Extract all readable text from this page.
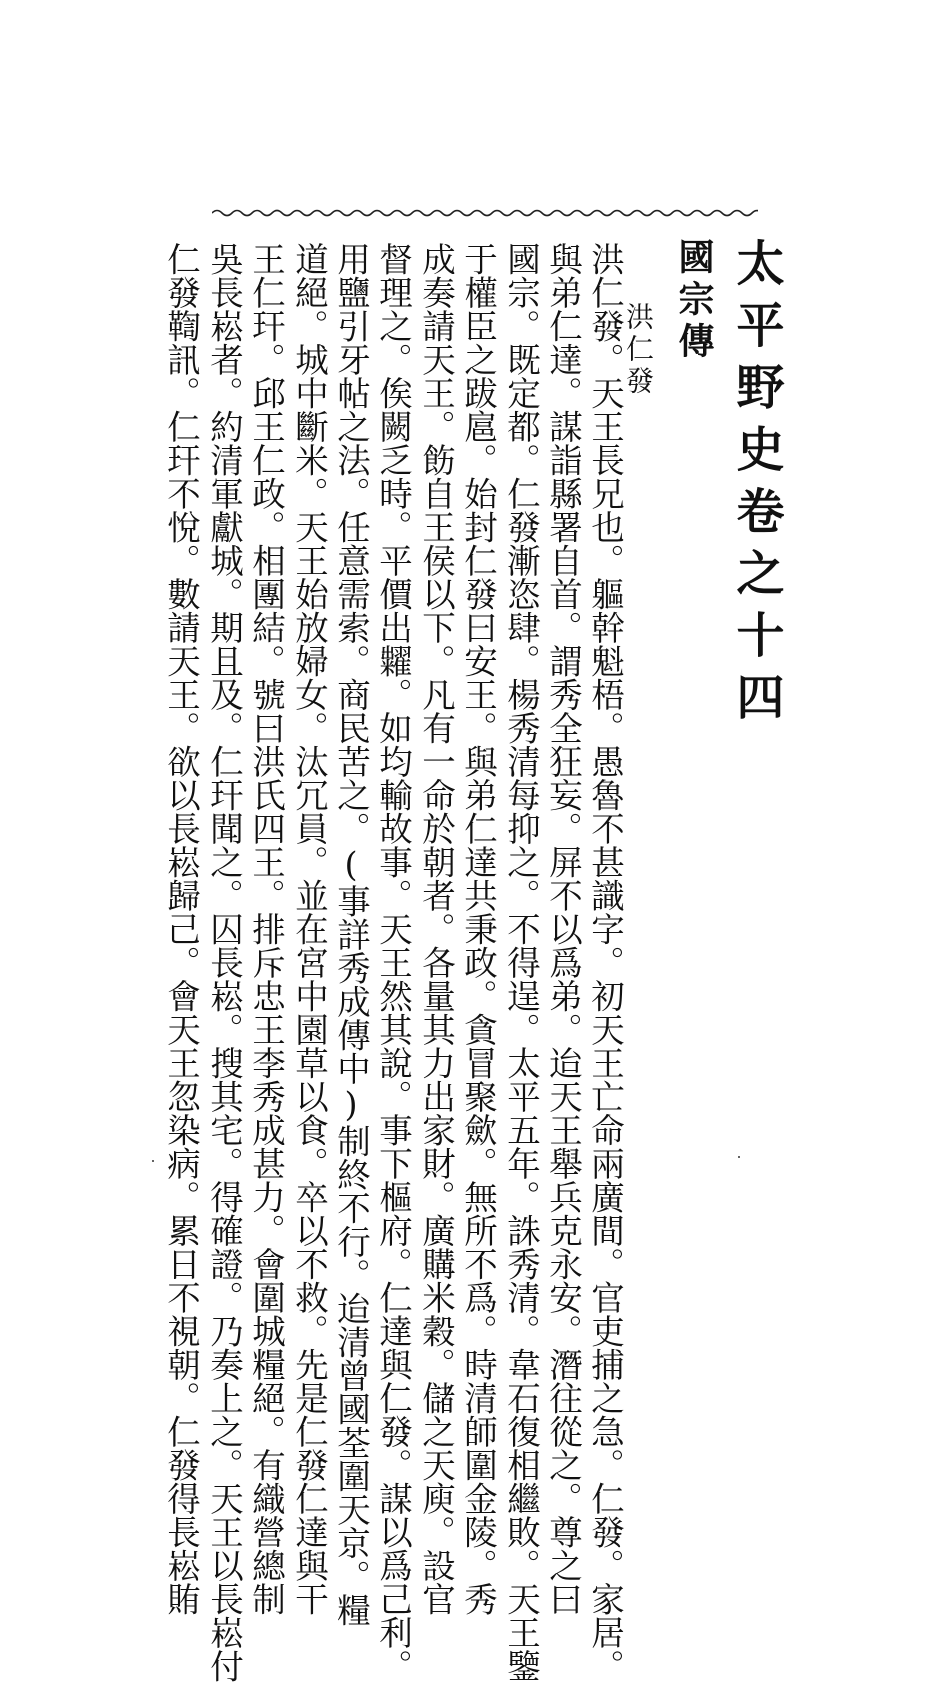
太平野史卷之十四
國宗傳
洪仁發
洪仁發。天王長兄也。軀幹魁梧。愚魯不甚識字。初天王亡命兩廣間。官吏捕之急。仁發。家居。
與弟仁達。謀詣縣署自首。謂秀全狂妄。屏不以爲弟。迨天王舉兵克永安。潛往從之。尊之曰
國宗。既定都。仁發漸恣肆。楊秀清每抑之。不得逞。太平五年。誅秀清。韋石復相繼敗。天王鑒
于權臣之跋扈。始封仁發曰安王。與弟仁達共秉政。貪冒聚歛。無所不爲。時清師圍金陵。秀
成奏請天王。飭自王侯以下。凡有一命於朝者。各量其力出家財。廣購米穀。儲之天庾。設官
督理之。俟闕乏時。平價出糶。如均輸故事。天王然其說。事下樞府。仁達與仁發。謀以爲己利。
用鹽引牙帖之法。任意需索。商民苦之。(事詳秀成傳中)制終不行。迨清曾國荃圍天京。糧
道絕。城中斷米。天王始放婦女。汰冗員。並在宮中園草以食。卒以不救。先是仁發仁達與干
王仁玕。邱王仁政。相團結。號曰洪氏四王。排斥忠王李秀成甚力。會圍城糧絕。有織營總制
吳長崧者。約清軍獻城。期且及。仁玕聞之。囚長崧。搜其宅。得確證。乃奏上之。天王以長崧付
仁發鞫訊。仁玕不悅。數請天王。欲以長崧歸己。會天王忽染病。累日不視朝。仁發得長崧賄
